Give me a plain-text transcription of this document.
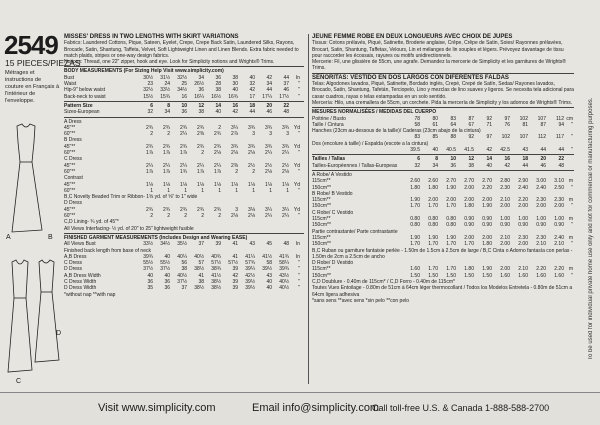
2549
15 PIECES/PIEZAS
Métrages et instructions de couture en Français à l'intérieur de l'enveloppe.
A	B
C
D

MISSES' DRESS IN TWO LENGTHS WITH SKIRT VARIATIONS

Fabrics: Laundered Cottons, Pique, Sateen, Eyelet, Crepe, Crepe Back Satin, Laundered Silks, Rayons, Brocade, Satin, Shantung, Taffeta, Velvet, Soft Lightweight Linen and Linen Blends. Extra fabric needed to match plaids, stripes or one-way design fabrics.

Notions: Thread, one 22" zipper, hook and eye. Look for Simplicity notions and Wrights® Trims.

BODY MEASUREMENTS (For Sizing Help Visit www.simplicity.com)

Bust	30½	31½	32½	34	36	38	40	42	44	In
Waist	23	24	25	26½	28	30	32	34	37	"
Hip-9" below waist	32½	33½	34½	36	38	40	42	44	46	"
Back-neck to waist	15½	15¾	16	16¼	16½	16¾	17	17¼	17½	"
Pattern Size	6	8	10	12	14	16	18	20	22
Sizes-European	32	34	36	38	40	42	44	46	48
A Dress
45"**	2¾	2¾	2¾	2¾	2	3¼	3¾	3¾	3¾ Yd
60"**	2	2	2¼	2⅜	2¾	2⅞	3	3	3	"
B Dress
45"**	2¾	2¾	2¾	2¾	2¾	3¾	3¾	3¾	3¾ Yd
60"**	1⅞	1⅞	1⅞	2	2⅛	2⅛	2⅛	2¼	2¼	"
C Dress
45"**	2¼	2¼	2¼	2¼	2¼	2⅜	2½	2½	2½ Yd
60"**	1⅞	1⅞	1¾	1⅞	1⅞	2	2	2⅛	2⅛	"
Contrast
45"**	1⅛	1⅛	1⅛	1⅛	1⅛	1⅛	1⅛	1⅛	1⅛ Yd
60"**	1	1	1	1	1	1	1	1	1	"

B,C Novelty Beaded Trim or Ribbon- 1⅝ yd. of ⅝" to 1" wide

D Dress
45"**	2¾	2¾	2¾	2¾	2¾	3	3⅛	3¼	3¼ Yd
60"**	2	2	2	2	2	2⅛	2⅛	2¼	2¼	"

C,D Lining- ¾ yd. of 45"*

All Views Interfacing- ½ yd. of 20" to 25" lightweight fusible

FINISHED GARMENT MEASUREMENTS (Includes Design and Wearing EASE)

All Views Bust	33½	34½	35½	37	39	41	43	45	48	In
Finished back length from base of neck
A,B Dress	39¾	40	40¼	40½	40¾	41	41¼	41½	41¾	In
C Dress	55½	55½	56	57	57½	57½	57¾	58	58¼	"
D Dress	37½	37½	38	38½	38¾	39	39¼	39½	39¾	"
A,B Dress Width	40	40	40½	41	41½	42	42½	43	43½	"
C Dress Width	36	36	37½	38	38½	39	39½	40	40½	"
D Dress Width	35	36	37	38½	38½	39	39½	40	40½	"

*without nap **with nap

JEUNE FEMME ROBE EN DEUX LONGUEURS AVEC CHOIX DE JUPES

Tissus: Cotons prélavés, Piqué, Satinette, Broderie anglaise, Crêpe, Crêpe de Satin, Soies/ Rayonnes prélavées, Brocart, Satin, Shantung, Taffetas, Velours, Lin et mélanges de lin souples et légers. Prévoyez davantage de tissu pour raccorder les écossais, rayures ou motifs unidirectionnels.

Mercerie: Fil, une glissière de 55cm, une agrafe. Demandez la mercerie de Simplicity et les garnitures de Wrights® Trims.

SEÑORITAS: VESTIDO EN DOS LARGOS CON DIFERENTES FALDAS

Telas: Algodones lavados, Piqué, Satinette, Bordado inglés, Crepé, Crepé de Satín, Sedas/ Rayones lavados, Brocado, Satín, Shantung, Tafetán, Terciopelo, Lino y mezclas de lino suaves y ligeros. Se necesita tela adicional para casar cuadros, rayas o telas estampadas en un solo sentido.

Mercería: Hilo, una cremallera de 55cm, un corchete. Pida la mercería de Simplicity y los adornos de Wrights® Trims.

MESURES NORMALISÉES / MEDIDAS DEL CUERPO

Poitrine / Busto	78	80	83	87	92	97	102	107	112 cm
Taille / Cintura	58	61	64	67	71	76	81	87	94	"
Hanches (23cm au-dessous de la taille)/ Caderas (23cm abajo de la cintura)
83	85	88	92	97	102	107	112	117	"
Dos (encolure à taille) / Espalda (escote a la cintura)
39.5	40	40.5	41.5	42	42.5	43	44	44	"
Tailles / Tallas	6	8	10	12	14	16	18	20	22
Tailles-Européennes / Tallas-Europeas	32	34	36	38	40	42	44	46	48
A Robe/ A Vestido
115cm**	2.60	2.60	2.70	2.70	2.70	2.80	2.90	3.00	3.10 m
150cm**	1.80	1.80	1.90	2.00	2.20	2.30	2.40	2.40	2.50	"
B Robe/ B Vestido
115cm**	1.90	2.00	2.00	2.00	2.00	2.10	2.20	2.30	2.30 m
150cm**	1.70	1.70	1.70	1.80	1.90	2.00	2.00	2.00	2.00	"
C Robe/ C Vestido
115cm**	0.80	0.80	0.80	0.90	0.90	1.00	1.00	1.00	1.00 m
150cm**	0.80	0.80	0.80	0.90	0.90	0.90	0.90	0.90	0.90	"
Partie contrastante/ Parte contrastante
115cm**	1.90	1.90	1.90	2.00	2.00	2.10	2.30	2.30	2.40 m
150cm**	1.70	1.70	1.70	1.70	1.80	2.00	2.00	2.10	2.10	"

B,C Ruban ou garniture fantaisie perlée - 1.50m de 1.5cm à 2.5cm de large / B,C Cinta o Adorno fantasía con perlas - 1.50m de 2cm a 2.5cm de ancho

D Robe/ D Vestido
115cm**	1.60	1.70	1.70	1.80	1.90	2.00	2.10	2.20	2.20 m
150cm**	1.50	1.50	1.50	1.50	1.50	1.60	1.60	1.60	1.60	"

C,D Doublure - 0.40m de 115cm* / C,D Forro - 0.40m de 115cm*

Toutes Vues Entoilage - 0.80m de 51cm à 64cm léger thermocollant / Todos los Modelos Entretela - 0.80m de 51cm a 64cm ligera adhesiva

*sans sens **avec sens *sin pelo **con pelo	To be used for individual private home use only and not for commercial or manufacturing purposes.
Visit www.simplicity.com	Email info@simplicity.com
Call toll-free U.S. & Canada 1-888-588-2700
